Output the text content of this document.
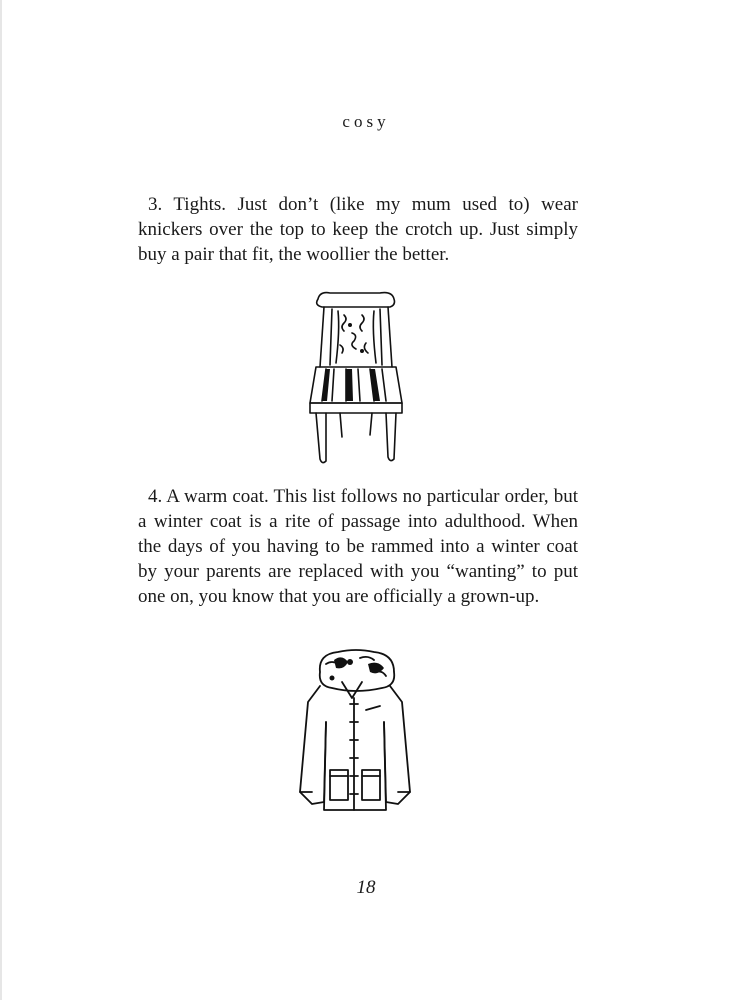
cosy

3. Tights. Just don’t (like my mum used to) wear knickers over the top to keep the crotch up. Just simply buy a pair that fit, the woollier the better.

4. A warm coat. This list follows no particular order, but a winter coat is a rite of passage into adulthood. When the days of you having to be rammed into a winter coat by your parents are replaced with you “wanting” to put one on, you know that you are officially a grown-up.

18
